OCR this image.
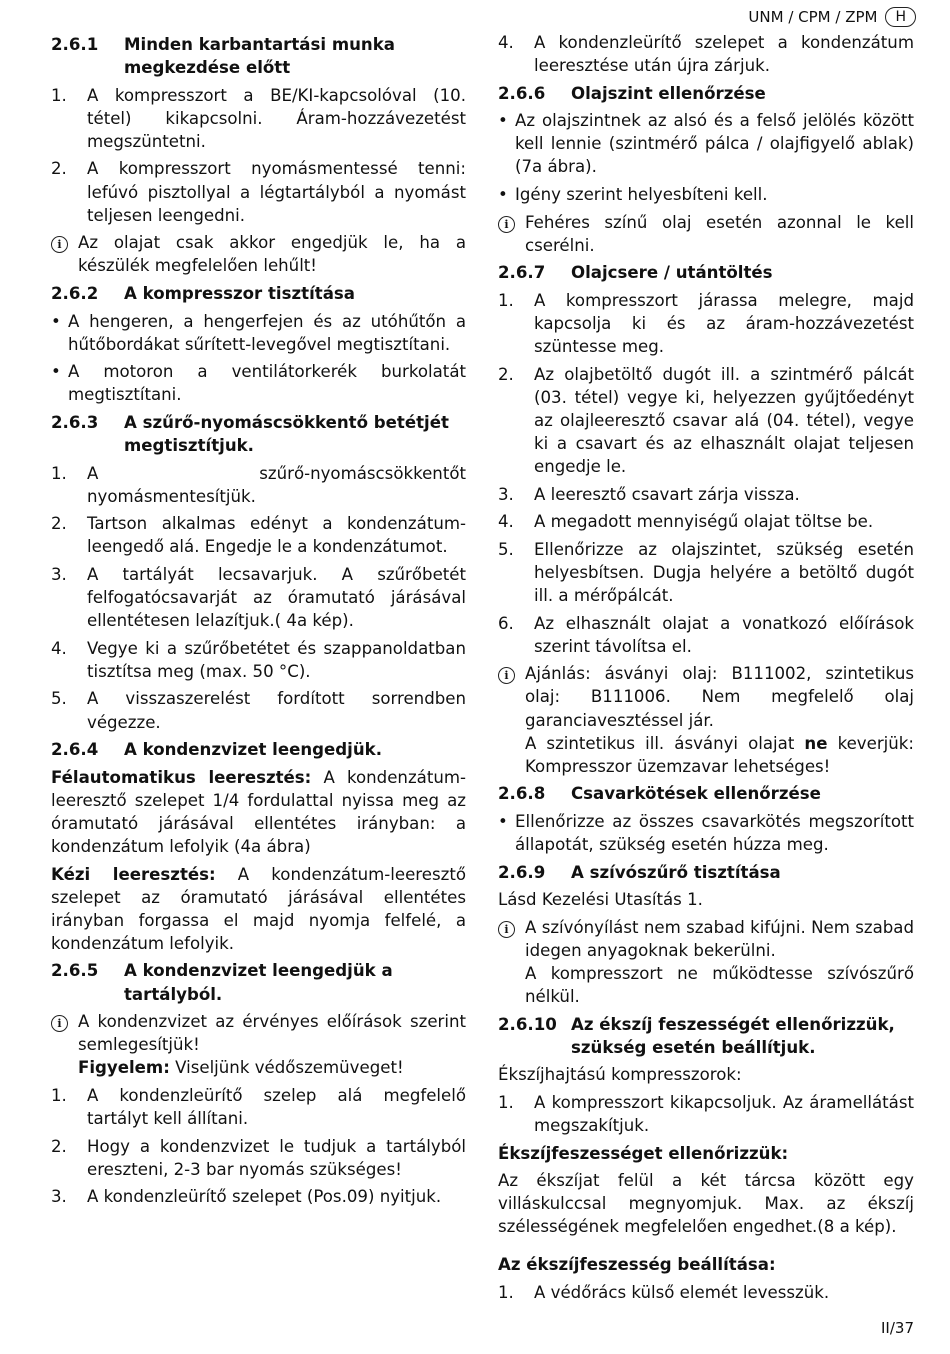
UNM / CPM / ZPM	H
2.6.1	Minden karbantartási munka megkezdése előtt
1.	A kompresszort a BE/KI-kapcsolóval (10. tétel) kikapcsolni. Áram-hozzávezetést megszüntetni.
2.	A kompresszort nyomásmentessé tenni: lefúvó pisztollyal a légtartályból a nyomást teljesen leengedni.
i Az olajat csak akkor engedjük le, ha a készülék megfelelően lehűlt!
2.6.2	A kompresszor tisztítása
• A hengeren, a hengerfejen és az utóhűtőn a hűtőbordákat sűrített-levegővel megtisztítani.
• A motoron a ventilátorkerék burkolatát megtisztítani.
2.6.3	A szűrő-nyomáscsökkentő betétjét megtisztítjuk.
1.	A szűrő-nyomáscsökkentőt nyomásmentesítjük.
2.	Tartson alkalmas edényt a kondenzátum-leengedő alá. Engedje le a kondenzátumot.
3.	A tartályát lecsavarjuk. A szűrőbetét felfogatócsavarját az óramutató járásával ellentétesen lelazítjuk.( 4a kép).
4.	Vegye ki a szűrőbetétet és szappanoldatban tisztítsa meg (max. 50 °C).
5.	A visszaszerelést fordított sorrendben végezze.
2.6.4	A kondenzvizet leengedjük.
Félautomatikus leeresztés: A kondenzátum-leeresztő szelepet 1/4 fordulattal nyissa meg az óramutató járásával ellentétes irányban: a kondenzátum lefolyik (4a ábra)
Kézi leeresztés: A kondenzátum-leeresztő szelepet az óramutató járásával ellentétes irányban forgassa el majd nyomja felfelé, a kondenzátum lefolyik.
2.6.5	A kondenzvizet leengedjük a tartályból.
i A kondenzvizet az érvényes előírások szerint semlegesítjük!
Figyelem: Viseljünk védőszemüveget!
1.	A kondenzleürítő szelep alá megfelelő tartályt kell állítani.
2.	Hogy a kondenzvizet le tudjuk a tartályból ereszteni, 2-3 bar nyomás szükséges!
3.	A kondenzleürítő szelepet (Pos.09) nyitjuk.
4.	A kondenzleürítő szelepet a kondenzátum leeresztése után újra zárjuk.
2.6.6	Olajszint ellenőrzése
• Az olajszintnek az alsó és a felső jelölés között kell lennie (szintmérő pálca / olajfigyelő ablak) (7a ábra).
• Igény szerint helyesbíteni kell.
i Fehéres színű olaj esetén azonnal le kell cserélni.
2.6.7	Olajcsere / utántöltés
1.	A kompresszort járassa melegre, majd kapcsolja ki és az áram-hozzávezetést szüntesse meg.
2.	Az olajbetöltő dugót ill. a szintmérő pálcát (03. tétel) vegye ki, helyezzen gyűjtőedényt az olajleeresztő csavar alá (04. tétel), vegye ki a csavart és az elhasznált olajat teljesen engedje le.
3.	A leeresztő csavart zárja vissza.
4.	A megadott mennyiségű olajat töltse be.
5.	Ellenőrizze az olajszintet, szükség esetén helyesbítsen. Dugja helyére a betöltő dugót ill. a mérőpálcát.
6.	Az elhasznált olajat a vonatkozó előírások szerint távolítsa el.
i Ajánlás: ásványi olaj: B111002, szintetikus olaj: B111006. Nem megfelelő olaj garanciavesztéssel jár.
A szintetikus ill. ásványi olajat ne keverjük: Kompresszor üzemzavar lehetséges!
2.6.8	Csavarkötések ellenőrzése
• Ellenőrizze az összes csavarkötés megszorított állapotát, szükség esetén húzza meg.
2.6.9	A szívószűrő tisztítása
Lásd Kezelési Utasítás 1.
i A szívónyílást nem szabad kifújni. Nem szabad idegen anyagoknak bekerülni.
A kompresszort ne működtesse szívószűrő nélkül.
2.6.10 Az ékszíj feszességét ellenőrizzük, szükség esetén beállítjuk.
Ékszíjhajtású kompresszorok:
1.	A kompresszort kikapcsoljuk. Az áramellátást megszakítjuk.
Ékszíjfeszességet ellenőrizzük:
Az ékszíjat felül a két tárcsa között egy villáskulccsal megnyomjuk. Max. az ékszíj szélességének megfelelően engedhet.(8 a kép).
Az ékszíjfeszesség beállítása:
1.	A védőrács külső elemét levesszük.
II/37
